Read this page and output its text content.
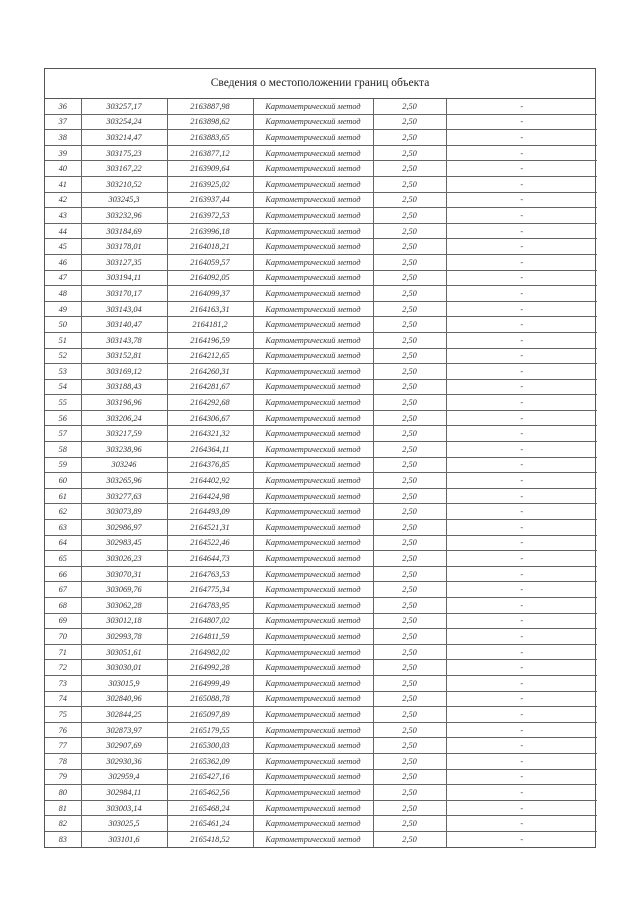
Сведения о местоположении границ объекта
36	303257,17	2163887,98	Картометрический метод	2,50	-
37	303254,24	2163898,62	Картометрический метод	2,50	-
38	303214,47	2163883,65	Картометрический метод	2,50	-
39	303175,23	2163877,12	Картометрический метод	2,50	-
40	303167,22	2163909,64	Картометрический метод	2,50	-
41	303210,52	2163925,02	Картометрический метод	2,50	-
42	303245,3	2163937,44	Картометрический метод	2,50	-
43	303232,96	2163972,53	Картометрический метод	2,50	-
44	303184,69	2163996,18	Картометрический метод	2,50	-
45	303178,01	2164018,21	Картометрический метод	2,50	-
46	303127,35	2164059,57	Картометрический метод	2,50	-
47	303194,11	2164092,05	Картометрический метод	2,50	-
48	303170,17	2164099,37	Картометрический метод	2,50	-
49	303143,04	2164163,31	Картометрический метод	2,50	-
50	303140,47	2164181,2	Картометрический метод	2,50	-
51	303143,78	2164196,59	Картометрический метод	2,50	-
52	303152,81	2164212,65	Картометрический метод	2,50	-
53	303169,12	2164260,31	Картометрический метод	2,50	-
54	303188,43	2164281,67	Картометрический метод	2,50	-
55	303196,96	2164292,68	Картометрический метод	2,50	-
56	303206,24	2164306,67	Картометрический метод	2,50	-
57	303217,59	2164321,32	Картометрический метод	2,50	-
58	303238,96	2164364,11	Картометрический метод	2,50	-
59	303246	2164376,85	Картометрический метод	2,50	-
60	303265,96	2164402,92	Картометрический метод	2,50	-
61	303277,63	2164424,98	Картометрический метод	2,50	-
62	303073,89	2164493,09	Картометрический метод	2,50	-
63	302986,97	2164521,31	Картометрический метод	2,50	-
64	302983,45	2164522,46	Картометрический метод	2,50	-
65	303026,23	2164644,73	Картометрический метод	2,50	-
66	303070,31	2164763,53	Картометрический метод	2,50	-
67	303069,76	2164775,34	Картометрический метод	2,50	-
68	303062,28	2164783,95	Картометрический метод	2,50	-
69	303012,18	2164807,02	Картометрический метод	2,50	-
70	302993,78	2164811,59	Картометрический метод	2,50	-
71	303051,61	2164982,02	Картометрический метод	2,50	-
72	303030,01	2164992,28	Картометрический метод	2,50	-
73	303015,9	2164999,49	Картометрический метод	2,50	-
74	302840,96	2165088,78	Картометрический метод	2,50	-
75	302844,25	2165097,89	Картометрический метод	2,50	-
76	302873,97	2165179,55	Картометрический метод	2,50	-
77	302907,69	2165300,03	Картометрический метод	2,50	-
78	302930,36	2165362,09	Картометрический метод	2,50	-
79	302959,4	2165427,16	Картометрический метод	2,50	-
80	302984,11	2165462,56	Картометрический метод	2,50	-
81	303003,14	2165468,24	Картометрический метод	2,50	-
82	303025,5	2165461,24	Картометрический метод	2,50	-
83	303101,6	2165418,52	Картометрический метод	2,50	-
